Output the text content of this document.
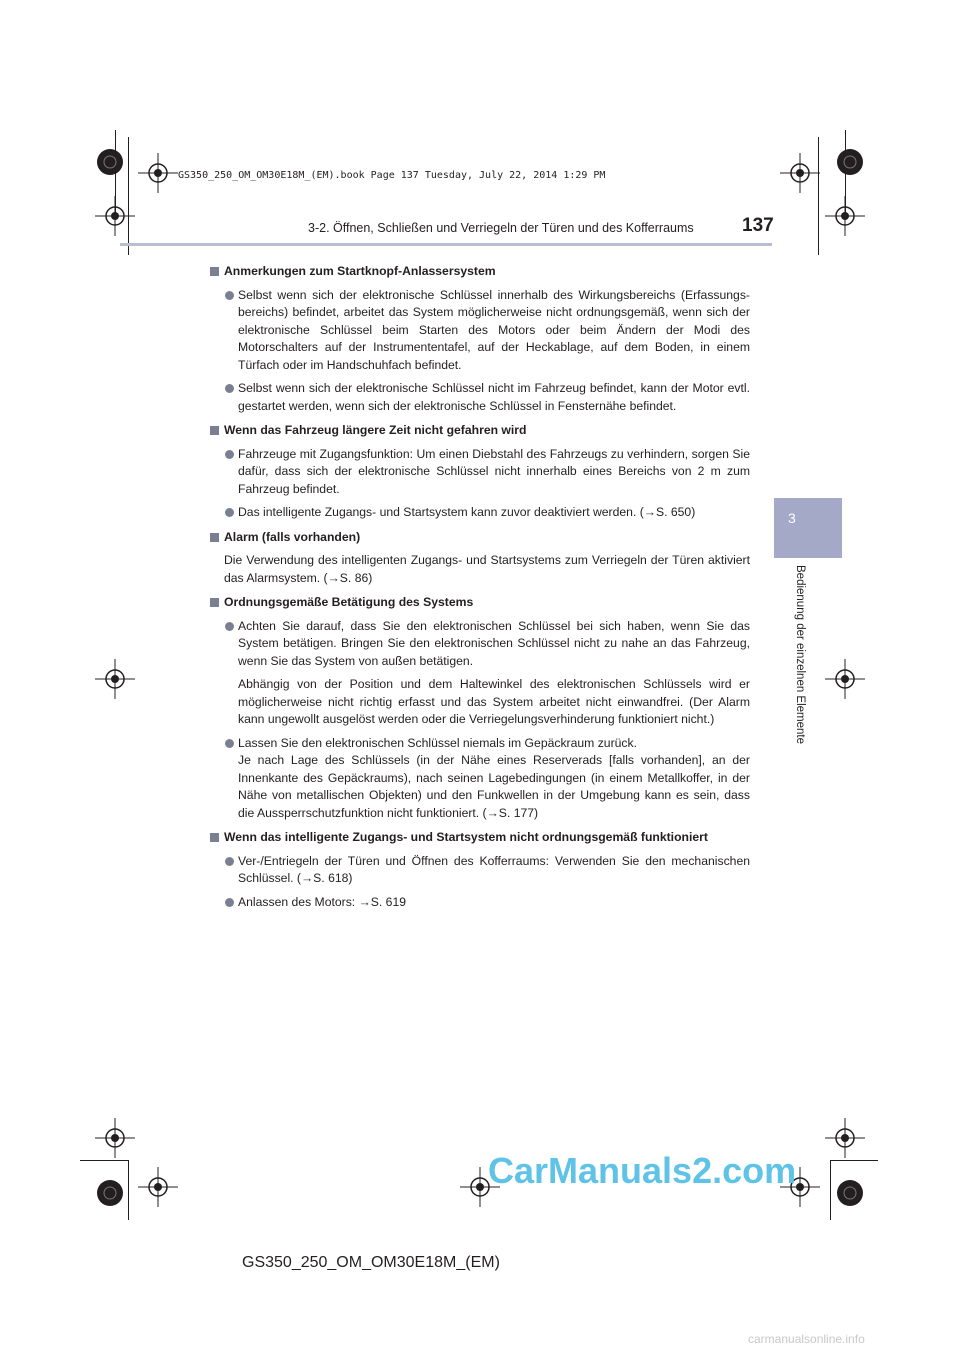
GS350_250_OM_OM30E18M_(EM).book Page 137 Tuesday, July 22, 2014 1:29 PM
3-2. Öffnen, Schließen und Verriegeln der Türen und des Kofferraums	137
3
Bedienung der einzelnen Elemente
Anmerkungen zum Startknopf-Anlassersystem
Selbst wenn sich der elektronische Schlüssel innerhalb des Wirkungsbereichs (Erfassungs-bereichs) befindet, arbeitet das System möglicherweise nicht ordnungsgemäß, wenn sich der elektronische Schlüssel beim Starten des Motors oder beim Ändern der Modi des Motorschalters auf der Instrumententafel, auf der Heckablage, auf dem Boden, in einem Türfach oder im Handschuhfach befindet.
Selbst wenn sich der elektronische Schlüssel nicht im Fahrzeug befindet, kann der Motor evtl. gestartet werden, wenn sich der elektronische Schlüssel in Fensternähe befindet.
Wenn das Fahrzeug längere Zeit nicht gefahren wird
Fahrzeuge mit Zugangsfunktion: Um einen Diebstahl des Fahrzeugs zu verhindern, sorgen Sie dafür, dass sich der elektronische Schlüssel nicht innerhalb eines Bereichs von 2 m zum Fahrzeug befindet.
Das intelligente Zugangs- und Startsystem kann zuvor deaktiviert werden. (→S. 650)
Alarm (falls vorhanden)
Die Verwendung des intelligenten Zugangs- und Startsystems zum Verriegeln der Türen aktiviert das Alarmsystem. (→S. 86)
Ordnungsgemäße Betätigung des Systems
Achten Sie darauf, dass Sie den elektronischen Schlüssel bei sich haben, wenn Sie das System betätigen. Bringen Sie den elektronischen Schlüssel nicht zu nahe an das Fahrzeug, wenn Sie das System von außen betätigen.
Abhängig von der Position und dem Haltewinkel des elektronischen Schlüssels wird er möglicherweise nicht richtig erfasst und das System arbeitet nicht einwandfrei. (Der Alarm kann ungewollt ausgelöst werden oder die Verriegelungsverhinderung funktioniert nicht.)
Lassen Sie den elektronischen Schlüssel niemals im Gepäckraum zurück.
Je nach Lage des Schlüssels (in der Nähe eines Reserverads [falls vorhanden], an der Innenkante des Gepäckraums), nach seinen Lagebedingungen (in einem Metallkoffer, in der Nähe von metallischen Objekten) und den Funkwellen in der Umgebung kann es sein, dass die Aussperrschutzfunktion nicht funktioniert. (→S. 177)
Wenn das intelligente Zugangs- und Startsystem nicht ordnungsgemäß funktioniert
Ver-/Entriegeln der Türen und Öffnen des Kofferraums: Verwenden Sie den mechanischen Schlüssel. (→S. 618)
Anlassen des Motors: →S. 619
CarManuals2.com
GS350_250_OM_OM30E18M_(EM)
carmanualsonline.info
